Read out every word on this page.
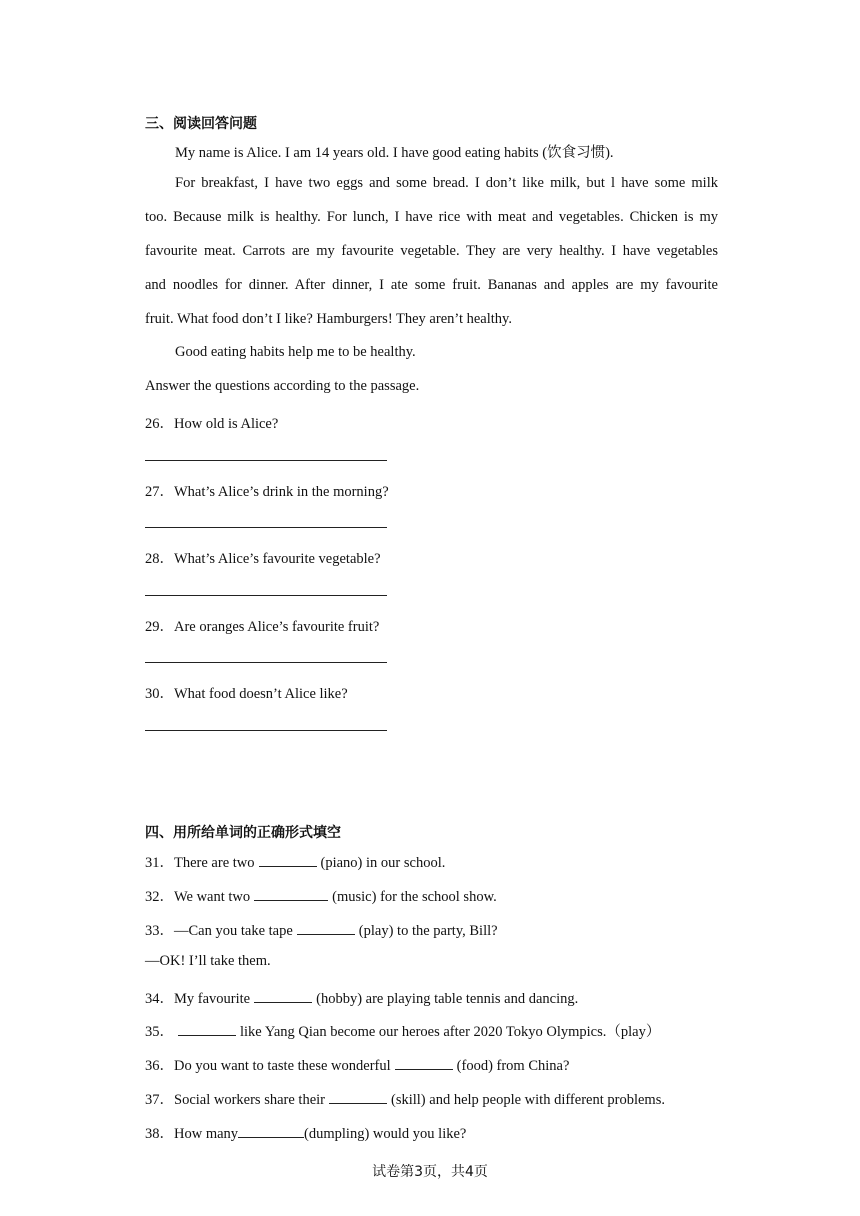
三、阅读回答问题
My name is Alice. I am 14 years old. I have good eating habits (饮食习惯).
For breakfast, I have two eggs and some bread. I don’t like milk, but l have some milk
too. Because milk is healthy. For lunch, I have rice with meat and vegetables. Chicken is my
favourite meat. Carrots are my favourite vegetable. They are very healthy. I have vegetables
and noodles for dinner. After dinner, I ate some fruit. Bananas and apples are my favourite
fruit. What food don’t I like? Hamburgers! They aren’t healthy.
Good eating habits help me to be healthy.
Answer the questions according to the passage.
26．How old is Alice?
27．What’s Alice’s drink in the morning?
28．What’s Alice’s favourite vegetable?
29．Are oranges Alice’s favourite fruit?
30．What food doesn’t Alice like?
四、用所给单词的正确形式填空
31．There are two	(piano) in our school.
32．We want two	(music) for the school show.
33．—Can you take tape	(play) to the party, Bill?
—OK! I’ll take them.
34．My favourite	(hobby) are playing table tennis and dancing.
35．	like Yang Qian become our heroes after 2020 Tokyo Olympics.（play）
36．Do you want to taste these wonderful	(food) from China?
37．Social workers share their	(skill) and help people with different problems.
38．How many	(dumpling) would you like?
试卷第3页，共4页
